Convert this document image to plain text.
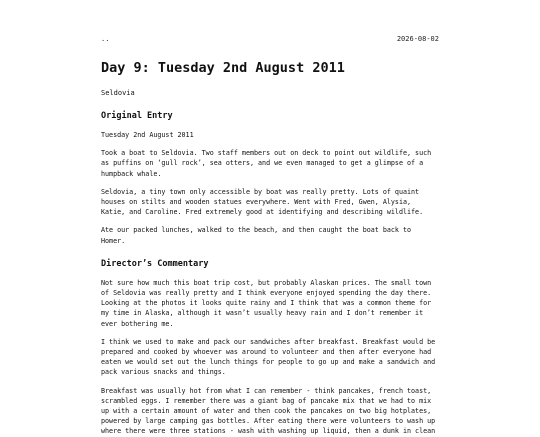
..	2026-08-02
Day 9: Tuesday 2nd August 2011
Seldovia
Original Entry

Tuesday 2nd August 2011

Took a boat to Seldovia. Two staff members out on deck to point out wildlife, such
as puffins on ‘gull rock’, sea otters, and we even managed to get a glimpse of a
humpback whale.

Seldovia, a tiny town only accessible by boat was really pretty. Lots of quaint
houses on stilts and wooden statues everywhere. Went with Fred, Gwen, Alysia,
Katie, and Caroline. Fred extremely good at identifying and describing wildlife.

Ate our packed lunches, walked to the beach, and then caught the boat back to
Homer.

Director’s Commentary

Not sure how much this boat trip cost, but probably Alaskan prices. The small town
of Seldovia was really pretty and I think everyone enjoyed spending the day there.
Looking at the photos it looks quite rainy and I think that was a common theme for
my time in Alaska, although it wasn’t usually heavy rain and I don’t remember it
ever bothering me.

I think we used to make and pack our sandwiches after breakfast. Breakfast would be
prepared and cooked by whoever was around to volunteer and then after everyone had
eaten we would set out the lunch things for people to go up and make a sandwich and
pack various snacks and things.

Breakfast was usually hot from what I can remember - think pancakes, french toast,
scrambled eggs. I remember there was a giant bag of pancake mix that we had to mix
up with a certain amount of water and then cook the pancakes on two big hotplates,
powered by large camping gas bottles. After eating there were volunteers to wash up
where there were three stations - wash with washing up liquid, then a dunk in clean
